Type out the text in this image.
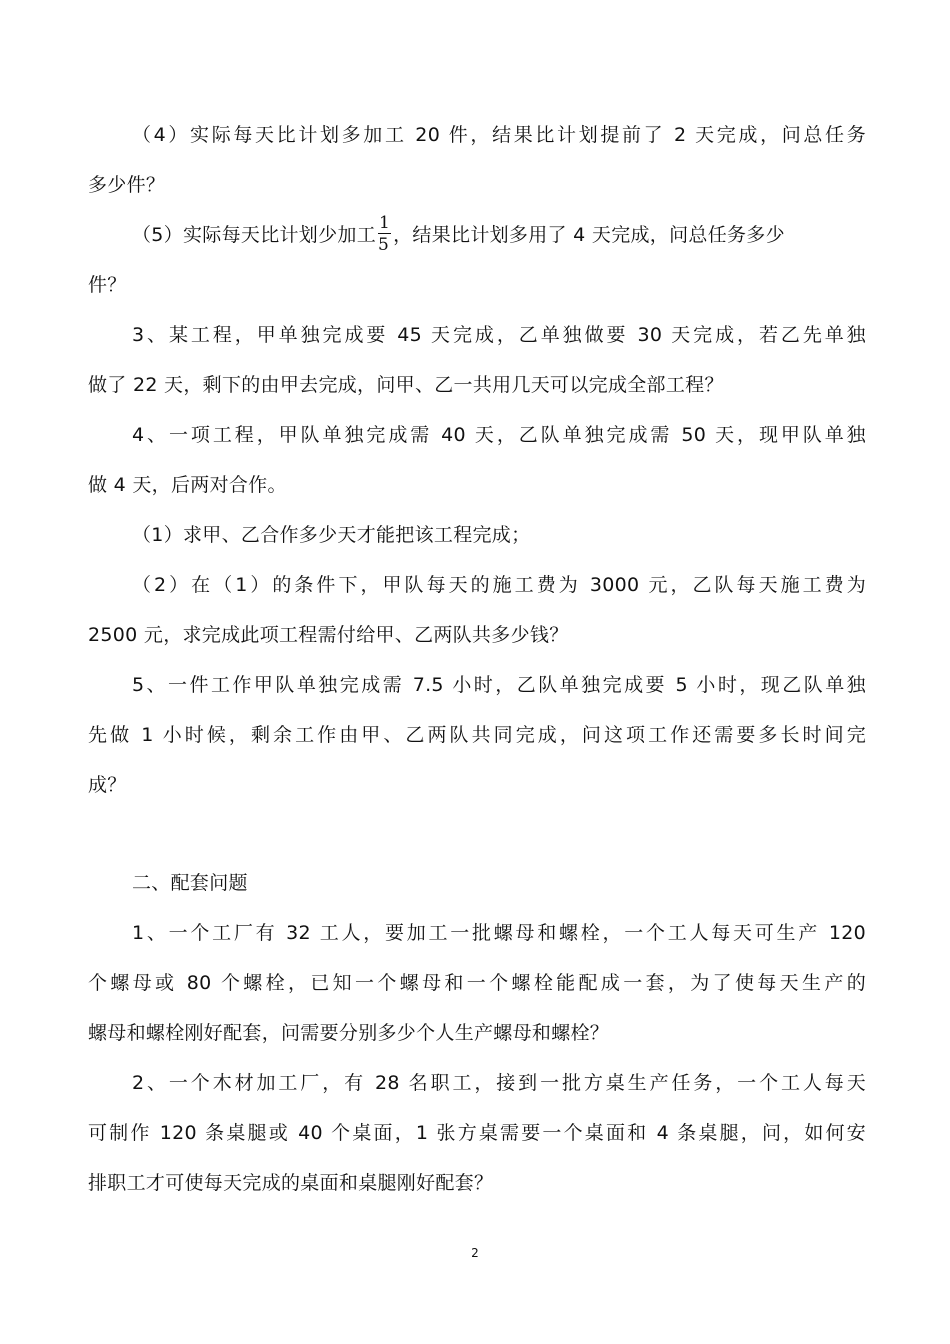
（4）实际每天比计划多加工 20 件，结果比计划提前了 2 天完成，问总任务
多少件？
（5）实际每天比计划少加工 $\frac{1}{5}$ ，结果比计划多用了 4 天完成，问总任务多少
件？
3、某工程，甲单独完成要 45 天完成，乙单独做要 30 天完成，若乙先单独
做了 22 天，剩下的由甲去完成，问甲、乙一共用几天可以完成全部工程？
4、一项工程，甲队单独完成需 40 天，乙队单独完成需 50 天，现甲队单独
做 4 天，后两对合作。
（1）求甲、乙合作多少天才能把该工程完成；
（2）在（1）的条件下，甲队每天的施工费为 3000 元，乙队每天施工费为
2500 元，求完成此项工程需付给甲、乙两队共多少钱？
5、一件工作甲队单独完成需 7.5 小时，乙队单独完成要 5 小时，现乙队单独
先做 1 小时候，剩余工作由甲、乙两队共同完成，问这项工作还需要多长时间完
成？
二、配套问题
1、一个工厂有 32 工人，要加工一批螺母和螺栓，一个工人每天可生产 120
个螺母或 80 个螺栓，已知一个螺母和一个螺栓能配成一套，为了使每天生产的
螺母和螺栓刚好配套，问需要分别多少个人生产螺母和螺栓？
2、一个木材加工厂，有 28 名职工，接到一批方桌生产任务，一个工人每天
可制作 120 条桌腿或 40 个桌面，1 张方桌需要一个桌面和 4 条桌腿，问，如何安
排职工才可使每天完成的桌面和桌腿刚好配套？
2
